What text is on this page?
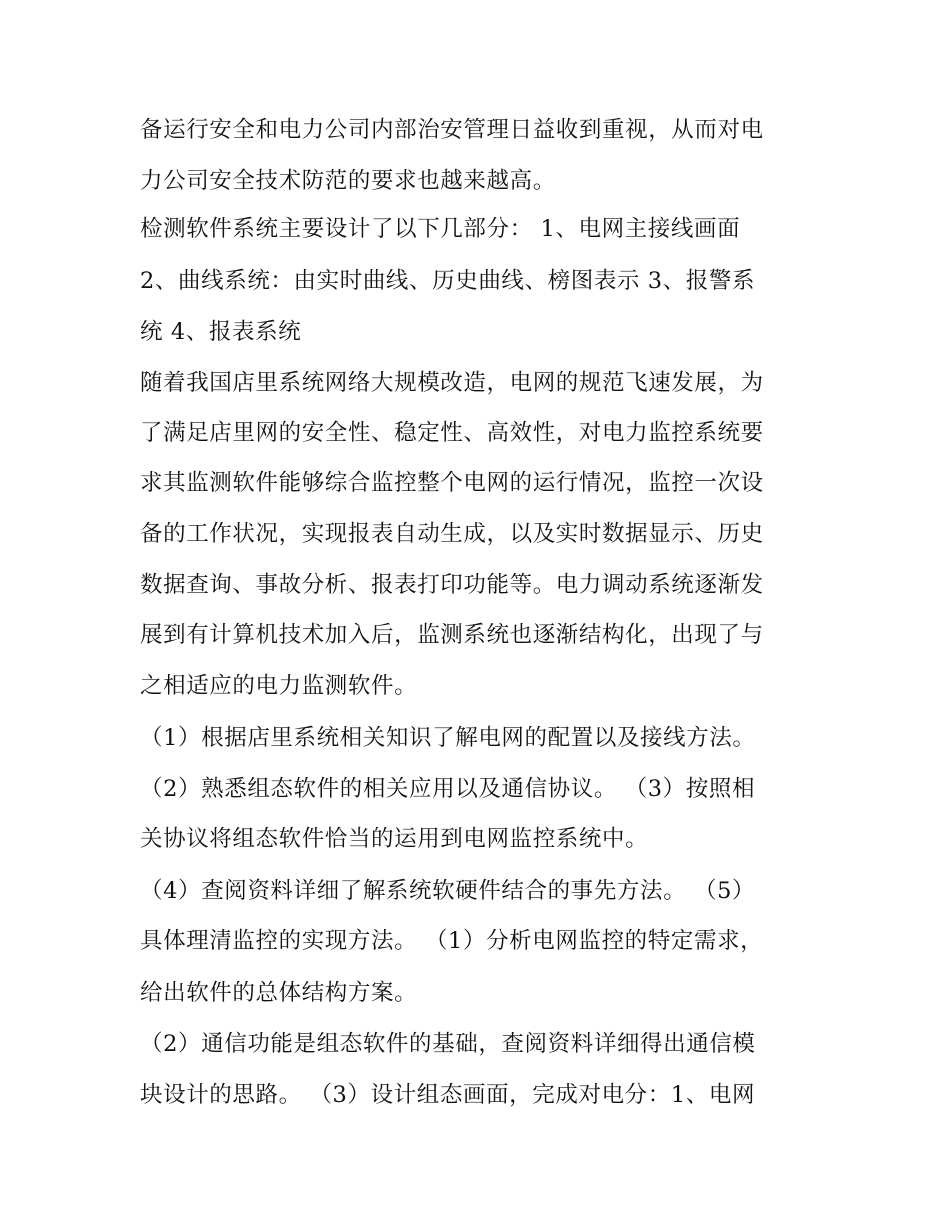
备运行安全和电力公司内部治安管理日益收到重视，从而对电
力公司安全技术防范的要求也越来越高。
检测软件系统主要设计了以下几部分： 1、电网主接线画面
2、曲线系统：由实时曲线、历史曲线、榜图表示 3、报警系
统 4、报表系统
随着我国店里系统网络大规模改造，电网的规范飞速发展，为
了满足店里网的安全性、稳定性、高效性，对电力监控系统要
求其监测软件能够综合监控整个电网的运行情况，监控一次设
备的工作状况，实现报表自动生成，以及实时数据显示、历史
数据查询、事故分析、报表打印功能等。电力调动系统逐渐发
展到有计算机技术加入后，监测系统也逐渐结构化，出现了与
之相适应的电力监测软件。
（1）根据店里系统相关知识了解电网的配置以及接线方法。
（2）熟悉组态软件的相关应用以及通信协议。 （3）按照相
关协议将组态软件恰当的运用到电网监控系统中。
（4）查阅资料详细了解系统软硬件结合的事先方法。 （5）
具体理清监控的实现方法。 （1）分析电网监控的特定需求，
给出软件的总体结构方案。
（2）通信功能是组态软件的基础，查阅资料详细得出通信模
块设计的思路。 （3）设计组态画面，完成对电分：1、电网
